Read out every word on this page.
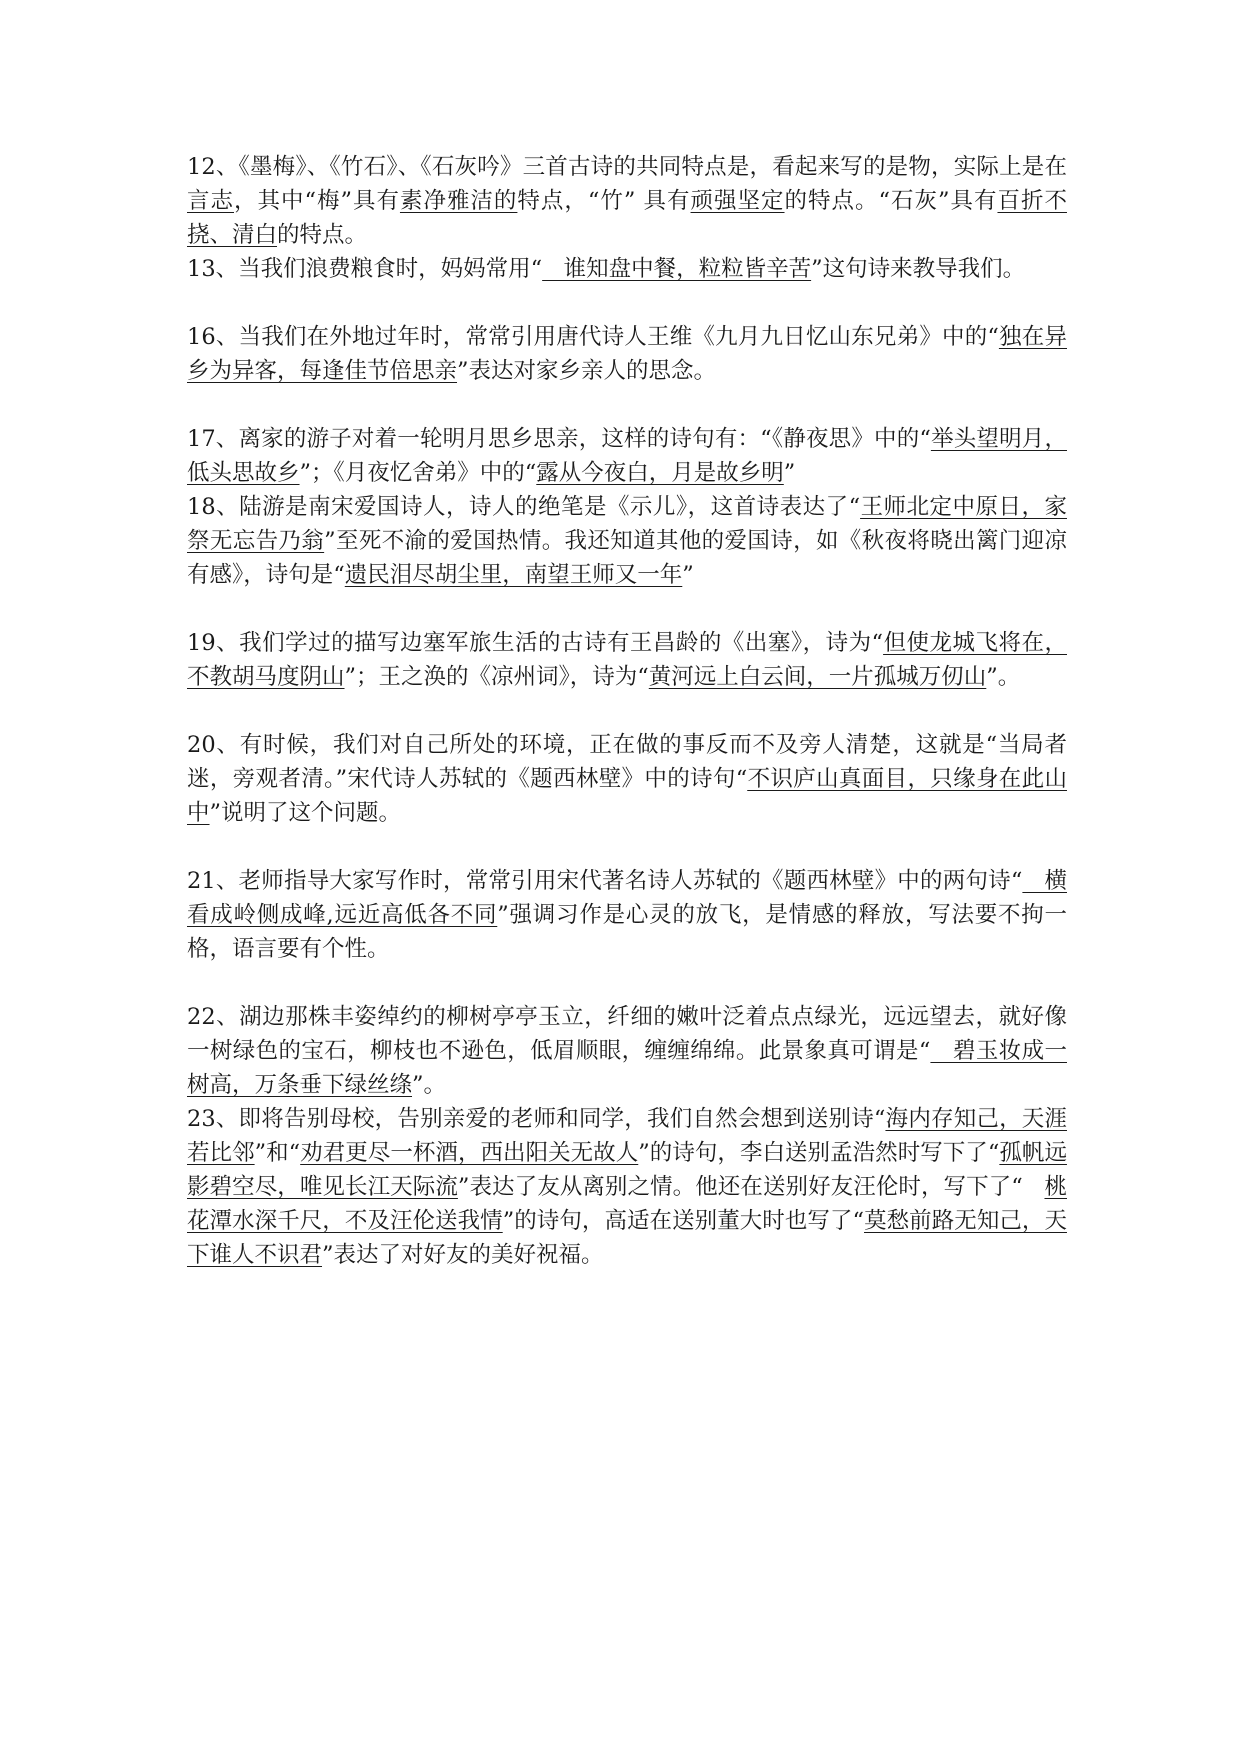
12、《墨梅》、《竹石》、《石灰吟》三首古诗的共同特点是，看起来写的是物，实际上是在言志，其中“梅”具有素净雅洁的特点，“竹” 具有顽强坚定的特点。“石灰”具有百折不挠、清白的特点。

13、当我们浪费粮食时，妈妈常用“   谁知盘中餐，粒粒皆辛苦”这句诗来教导我们。

16、当我们在外地过年时，常常引用唐代诗人王维《九月九日忆山东兄弟》中的“独在异乡为异客，每逢佳节倍思亲”表达对家乡亲人的思念。

17、离家的游子对着一轮明月思乡思亲，这样的诗句有：“《静夜思》中的“举头望明月，低头思故乡”；《月夜忆舍弟》中的“露从今夜白，月是故乡明”

18、陆游是南宋爱国诗人，诗人的绝笔是《示儿》，这首诗表达了“王师北定中原日，家祭无忘告乃翁”至死不渝的爱国热情。我还知道其他的爱国诗，如《秋夜将晓出篱门迎凉有感》，诗句是“遗民泪尽胡尘里，南望王师又一年”

19、我们学过的描写边塞军旅生活的古诗有王昌龄的《出塞》，诗为“但使龙城飞将在，不教胡马度阴山”；王之涣的《凉州词》，诗为“黄河远上白云间，一片孤城万仞山”。

20、有时候，我们对自己所处的环境，正在做的事反而不及旁人清楚，这就是“当局者迷，旁观者清。”宋代诗人苏轼的《题西林壁》中的诗句“不识庐山真面目，只缘身在此山中”说明了这个问题。

21、老师指导大家写作时，常常引用宋代著名诗人苏轼的《题西林壁》中的两句诗“   横看成岭侧成峰,远近高低各不同”强调习作是心灵的放飞，是情感的释放，写法要不拘一格，语言要有个性。

22、湖边那株丰姿绰约的柳树亭亭玉立，纤细的嫩叶泛着点点绿光，远远望去，就好像一树绿色的宝石，柳枝也不逊色，低眉顺眼，缠缠绵绵。此景象真可谓是“   碧玉妆成一树高，万条垂下绿丝绦”。

23、即将告别母校，告别亲爱的老师和同学，我们自然会想到送别诗“海内存知己，天涯若比邻”和“劝君更尽一杯酒，西出阳关无故人”的诗句，李白送别孟浩然时写下了“孤帆远影碧空尽，唯见长江天际流”表达了友从离别之情。他还在送别好友汪伦时，写下了“   桃花潭水深千尺，不及汪伦送我情”的诗句，高适在送别董大时也写了“莫愁前路无知己，天下谁人不识君”表达了对好友的美好祝福。
